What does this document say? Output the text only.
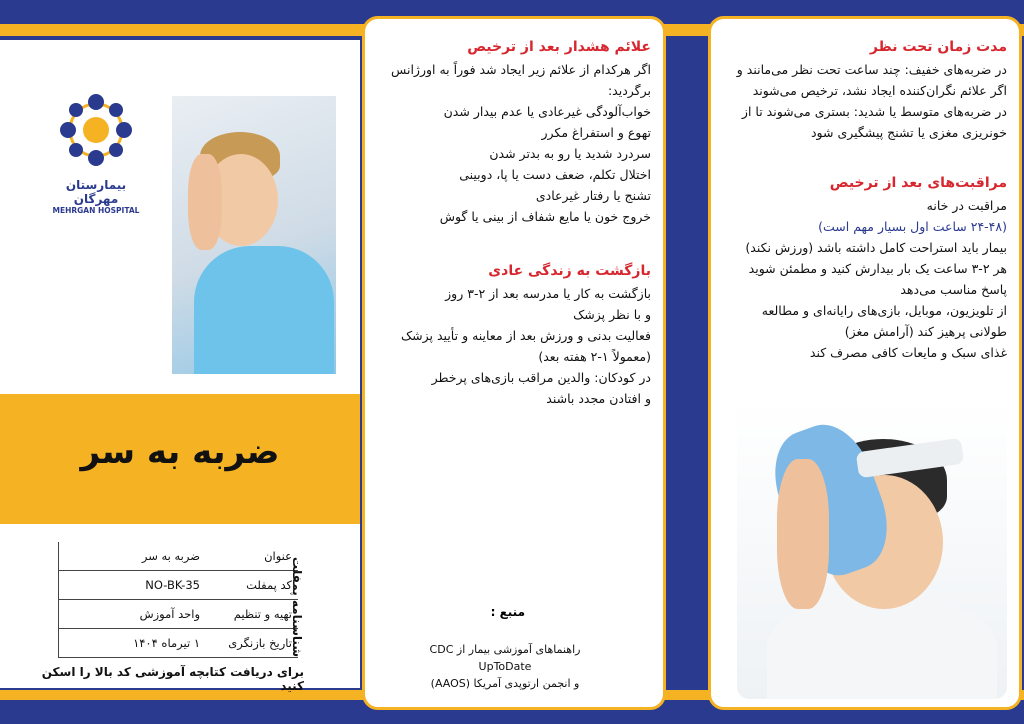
بیمارستان مهرگان
MEHRGAN HOSPITAL
ضربه به سر
عنوان	ضربه به سر
کد پمفلت	NO-BK-35
تهیه و تنظیم	واحد آموزش
تاریخ بازنگری	۱ تیرماه ۱۴۰۴	شناسنامه پمفلت
برای دریافت کتابچه آموزشی کد بالا را اسکن کنید
علائم هشدار بعد از ترخیص

اگر هرکدام از علائم زیر ایجاد شد فوراً به اورژانس

برگردید:

خواب‌آلودگی غیرعادی یا عدم بیدار شدن

تهوع و استفراغ مکرر

سردرد شدید یا رو به بدتر شدن

اختلال تکلم، ضعف دست یا پا، دوبینی

تشنج یا رفتار غیرعادی

خروج خون یا مایع شفاف از بینی یا گوش

بازگشت به زندگی عادی

بازگشت به کار یا مدرسه بعد از ۲-۳ روز

و با نظر پزشک

فعالیت بدنی و ورزش بعد از معاینه و تأیید پزشک

(معمولاً ۱-۲ هفته بعد)

در کودکان: والدین مراقب بازی‌های پرخطر

و افتادن مجدد باشند

منبع :
راهنماهای آموزشی بیمار از CDC
UpToDate
و انجمن ارتوپدی آمریکا (AAOS)
مدت زمان تحت نظر

در ضربه‌های خفیف: چند ساعت تحت نظر می‌مانند و

اگر علائم نگران‌کننده ایجاد نشد، ترخیص می‌شوند

در ضربه‌های متوسط یا شدید: بستری می‌شوند تا از

خونریزی مغزی یا تشنج پیشگیری شود

مراقبت‌های بعد از ترخیص

مراقبت در خانه

(۲۴-۴۸ ساعت اول بسیار مهم است)

بیمار باید استراحت کامل داشته باشد (ورزش نکند)

هر ۲-۳ ساعت یک بار بیدارش کنید و مطمئن شوید

پاسخ مناسب می‌دهد

از تلویزیون، موبایل، بازی‌های رایانه‌ای و مطالعه

طولانی پرهیز کند (آرامش مغز)

غذای سبک و مایعات کافی مصرف کند
